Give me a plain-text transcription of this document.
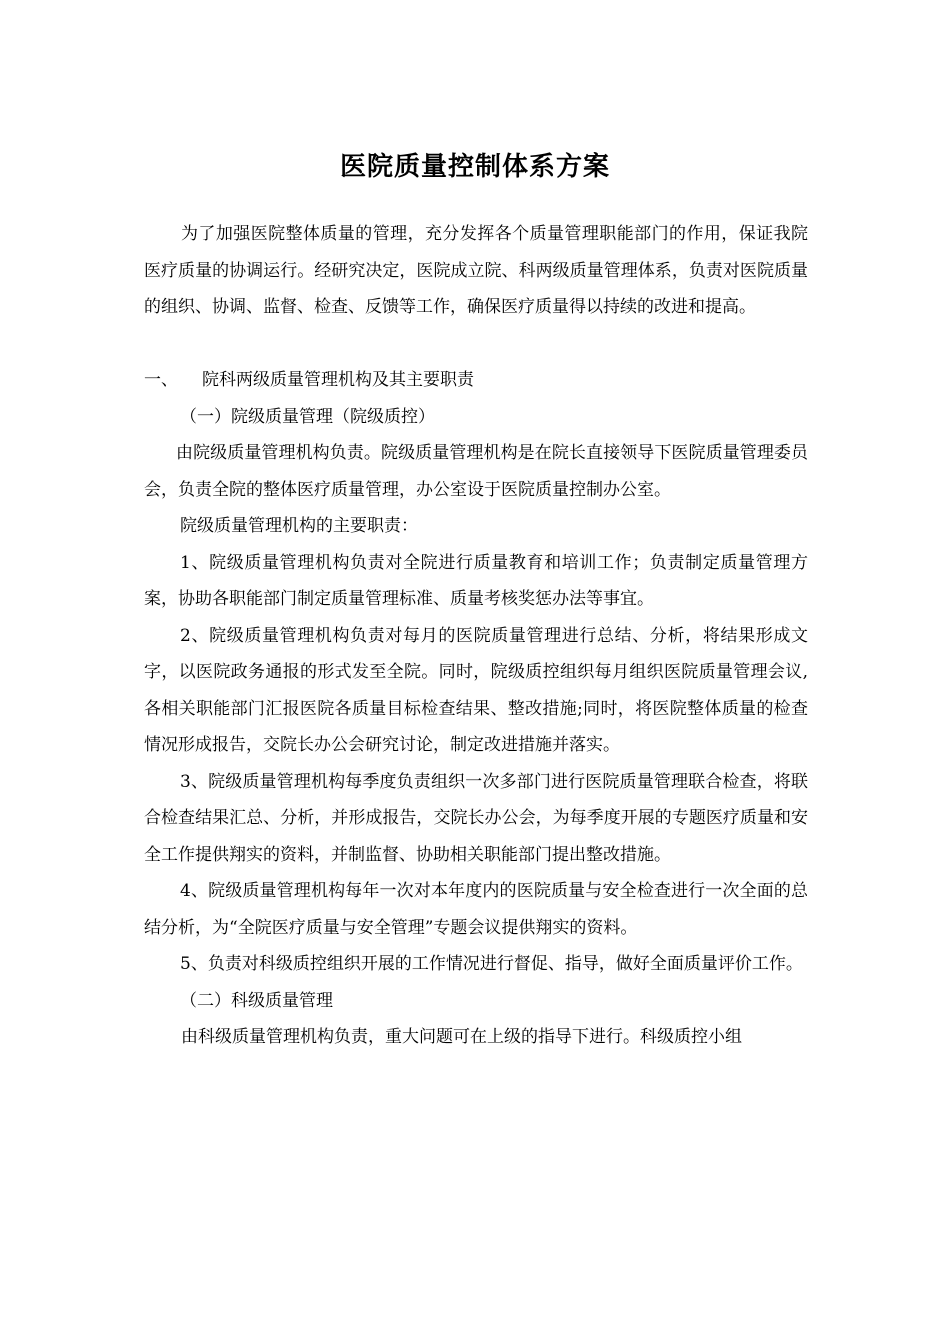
医院质量控制体系方案

为了加强医院整体质量的管理，充分发挥各个质量管理职能部门的作用，保证我院医疗质量的协调运行。经研究决定，医院成立院、科两级质量管理体系，负责对医院质量的组织、协调、监督、检查、反馈等工作，确保医疗质量得以持续的改进和提高。

一、 院科两级质量管理机构及其主要职责

（一）院级质量管理（院级质控）

由院级质量管理机构负责。院级质量管理机构是在院长直接领导下医院质量管理委员会，负责全院的整体医疗质量管理，办公室设于医院质量控制办公室。

院级质量管理机构的主要职责：

1、院级质量管理机构负责对全院进行质量教育和培训工作；负责制定质量管理方案，协助各职能部门制定质量管理标准、质量考核奖惩办法等事宜。

2、院级质量管理机构负责对每月的医院质量管理进行总结、分析，将结果形成文字，以医院政务通报的形式发至全院。同时，院级质控组织每月组织医院质量管理会议,各相关职能部门汇报医院各质量目标检查结果、整改措施;同时，将医院整体质量的检查情况形成报告，交院长办公会研究讨论，制定改进措施并落实。

3、院级质量管理机构每季度负责组织一次多部门进行医院质量管理联合检查，将联合检查结果汇总、分析，并形成报告，交院长办公会，为每季度开展的专题医疗质量和安全工作提供翔实的资料，并制监督、协助相关职能部门提出整改措施。

4、院级质量管理机构每年一次对本年度内的医院质量与安全检查进行一次全面的总结分析，为“全院医疗质量与安全管理”专题会议提供翔实的资料。

5、负责对科级质控组织开展的工作情况进行督促、指导，做好全面质量评价工作。

（二）科级质量管理

由科级质量管理机构负责，重大问题可在上级的指导下进行。科级质控小组
